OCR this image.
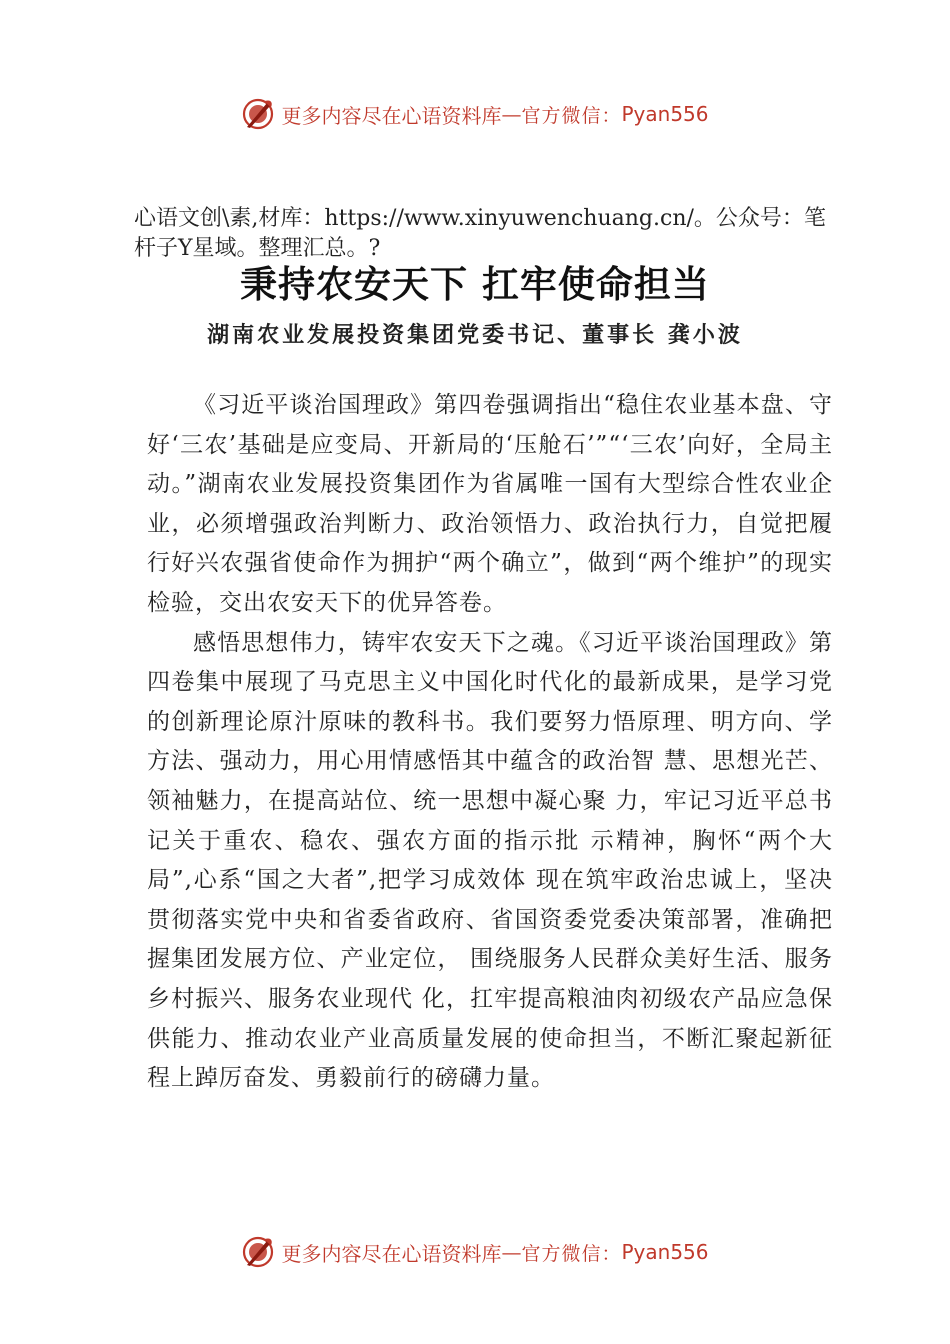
更多内容尽在心语资料库 — 官方微信： Pyan556
心语文创\素,材库：https://www.xinyuwenchuang.cn/。公众号：笔杆子Y星域。整理汇总。?
秉持农安天下 扛牢使命担当
湖南农业发展投资集团党委书记、董事长 龚小波

《习近平谈治国理政》第四卷强调指出“稳住农业基本盘、守好‘三农’基础是应变局、开新局的‘压舱石’”“‘三农’向好，全局主动。”湖南农业发展投资集团作为省属唯一国有大型综合性农业企业，必须增强政治判断力、政治领悟力、政治执行力，自觉把履行好兴农强省使命作为拥护“两个确立”，做到“两个维护”的现实检验，交出农安天下的优异答卷。

感悟思想伟力，铸牢农安天下之魂。《习近平谈治国理政》第四卷集中展现了马克思主义中国化时代化的最新成果，是学习党的创新理论原汁原味的教科书。我们要努力悟原理、明方向、学方法、强动力，用心用情感悟其中蕴含的政治智 慧、思想光芒、领袖魅力，在提高站位、统一思想中凝心聚 力，牢记习近平总书记关于重农、稳农、强农方面的指示批 示精神，胸怀“两个大局”,心系“国之大者”,把学习成效体 现在筑牢政治忠诚上，坚决贯彻落实党中央和省委省政府、省国资委党委决策部署，准确把握集团发展方位、产业定位， 围绕服务人民群众美好生活、服务乡村振兴、服务农业现代 化，扛牢提高粮油肉初级农产品应急保供能力、推动农业产业高质量发展的使命担当，不断汇聚起新征程上踔厉奋发、勇毅前行的磅礴力量。

更多内容尽在心语资料库 — 官方微信： Pyan556
